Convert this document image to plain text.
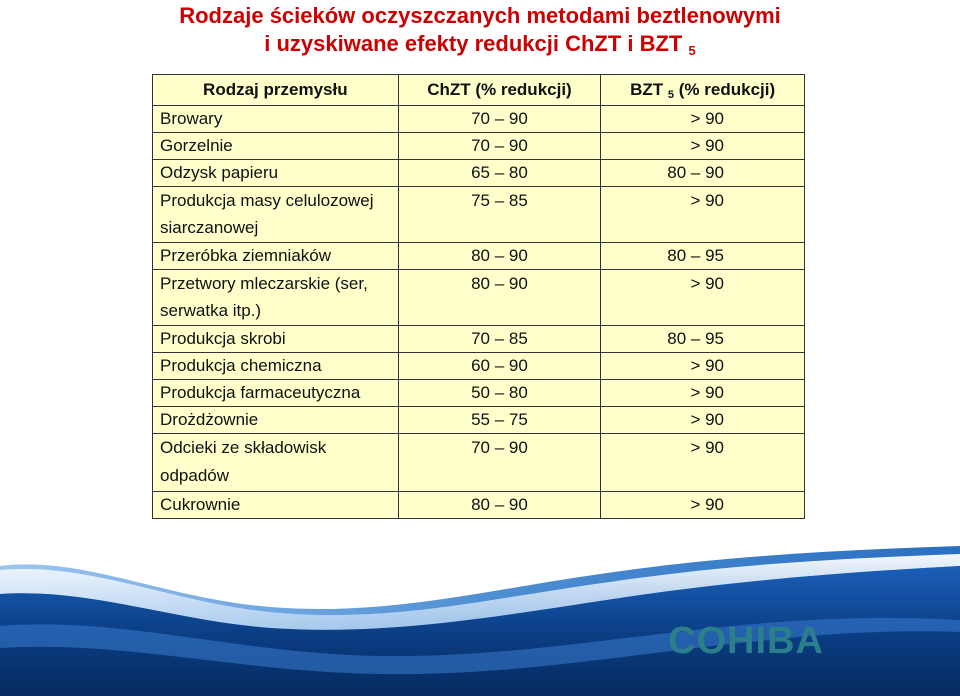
Rodzaje ścieków oczyszczanych metodami beztlenowymi
i uzyskiwane efekty redukcji ChZT i BZT $_5$
Rodzaj przemysłu	ChZT (% redukcji)	BZT $_5$ (% redukcji)
Browary	70 – 90	> 90
Gorzelnie	70 – 90	> 90
Odzysk papieru	65 – 80	80 – 90
Produkcja masy celulozowej siarczanowej	75 – 85	> 90
Przeróbka ziemniaków	80 – 90	80 – 95
Przetwory mleczarskie (ser, serwatka itp.)	80 – 90	> 90
Produkcja skrobi	70 – 85	80 – 95
Produkcja chemiczna	60 – 90	> 90
Produkcja farmaceutyczna	50 – 80	> 90
Drożdżownie	55 – 75	> 90
Odcieki ze składowisk odpadów	70 – 90	> 90
Cukrownie	80 – 90	> 90
COHIBA
